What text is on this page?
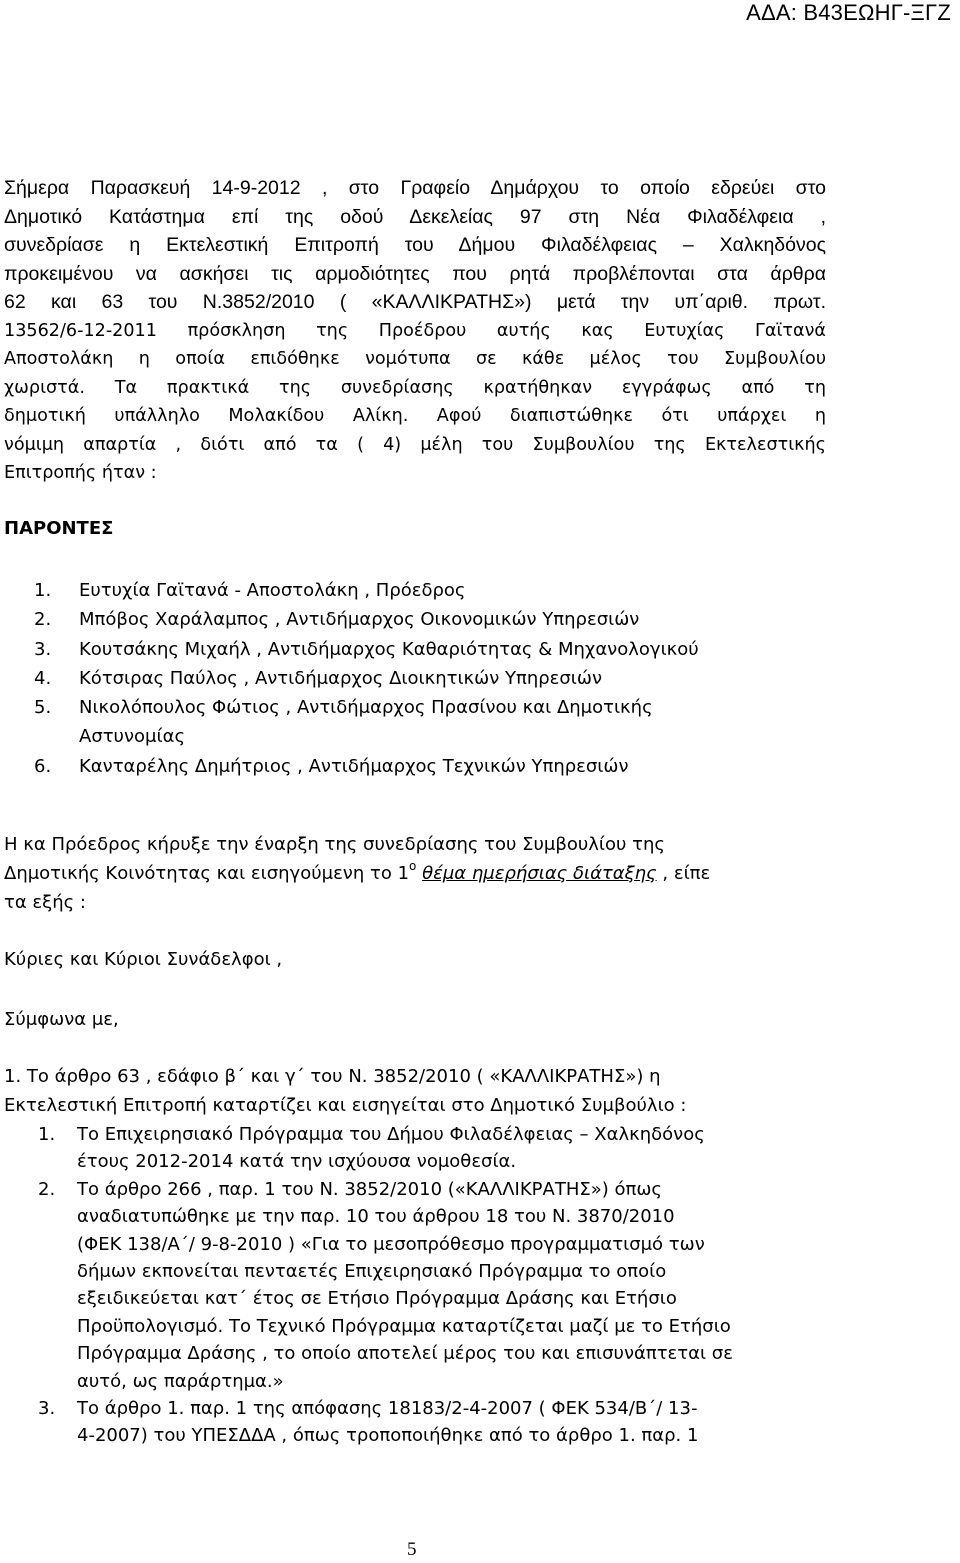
ΑΔΑ: Β43ΕΩΗΓ-ΞΓΖ
Σήμερα Παρασκευή 14-9-2012 , στο Γραφείο Δημάρχου το οποίο εδρεύει στο
Δημοτικό Κατάστημα επί της οδού Δεκελείας 97 στη Νέα Φιλαδέλφεια ,
συνεδρίασε η Εκτελεστική Επιτροπή του Δήμου Φιλαδέλφειας – Χαλκηδόνος
προκειμένου να ασκήσει τις αρμοδιότητες που ρητά προβλέπονται στα άρθρα
62 και 63 του Ν.3852/2010 ( «ΚΑΛΛΙΚΡΑΤΗΣ») μετά την υπ΄αριθ. πρωτ.
13562/6-12-2011 πρόσκληση της Προέδρου αυτής κας Ευτυχίας Γαϊτανά
Αποστολάκη η οποία επιδόθηκε νομότυπα σε κάθε μέλος του Συμβουλίου
χωριστά. Τα πρακτικά της συνεδρίασης κρατήθηκαν εγγράφως από τη
δημοτική υπάλληλο Μολακίδου Αλίκη. Αφού διαπιστώθηκε ότι υπάρχει η
νόμιμη απαρτία , διότι από τα ( 4) μέλη του Συμβουλίου της Εκτελεστικής
Επιτροπής ήταν :
ΠΑΡΟΝΤΕΣ
1.	Ευτυχία Γαϊτανά - Αποστολάκη , Πρόεδρος
2.	Μπόβος Χαράλαμπος , Αντιδήμαρχος Οικονομικών Υπηρεσιών
3.	Κουτσάκης Μιχαήλ , Αντιδήμαρχος Καθαριότητας & Μηχανολογικού
4.	Κότσιρας Παύλος , Αντιδήμαρχος Διοικητικών Υπηρεσιών
5.	Νικολόπουλος Φώτιος , Αντιδήμαρχος Πρασίνου και Δημοτικής
Αστυνομίας
6.	Κανταρέλης Δημήτριος , Αντιδήμαρχος Τεχνικών Υπηρεσιών
Η κα Πρόεδρος κήρυξε την έναρξη της συνεδρίασης του Συμβουλίου της
Δημοτικής Κοινότητας και εισηγούμενη το $1^o$ θέμα ημερήσιας διάταξης , είπε
τα εξής :
Κύριες και Κύριοι Συνάδελφοι ,
Σύμφωνα με,
1. Το άρθρο 63 , εδάφιο β΄ και γ΄ του Ν. 3852/2010 ( «ΚΑΛΛΙΚΡΑΤΗΣ») η
Εκτελεστική Επιτροπή καταρτίζει και εισηγείται στο Δημοτικό Συμβούλιο :
1.	Το Επιχειρησιακό Πρόγραμμα του Δήμου Φιλαδέλφειας – Χαλκηδόνος
έτους 2012-2014 κατά την ισχύουσα νομοθεσία.
2.	Το άρθρο 266 , παρ. 1 του Ν. 3852/2010 («ΚΑΛΛΙΚΡΑΤΗΣ») όπως
αναδιατυπώθηκε με την παρ. 10 του άρθρου 18 του Ν. 3870/2010
(ΦΕΚ 138/Α΄/ 9-8-2010 ) «Για το μεσοπρόθεσμο προγραμματισμό των
δήμων εκπονείται πενταετές Επιχειρησιακό Πρόγραμμα το οποίο
εξειδικεύεται κατ΄ έτος σε Ετήσιο Πρόγραμμα Δράσης και Ετήσιο
Προϋπολογισμό. Το Τεχνικό Πρόγραμμα καταρτίζεται μαζί με το Ετήσιο
Πρόγραμμα Δράσης , το οποίο αποτελεί μέρος του και επισυνάπτεται σε
αυτό, ως παράρτημα.»
3.	Το άρθρο 1. παρ. 1 της απόφασης 18183/2-4-2007 ( ΦΕΚ 534/Β΄/ 13-
4-2007) του ΥΠΕΣΔΔΑ , όπως τροποποιήθηκε από το άρθρο 1. παρ. 1
5
